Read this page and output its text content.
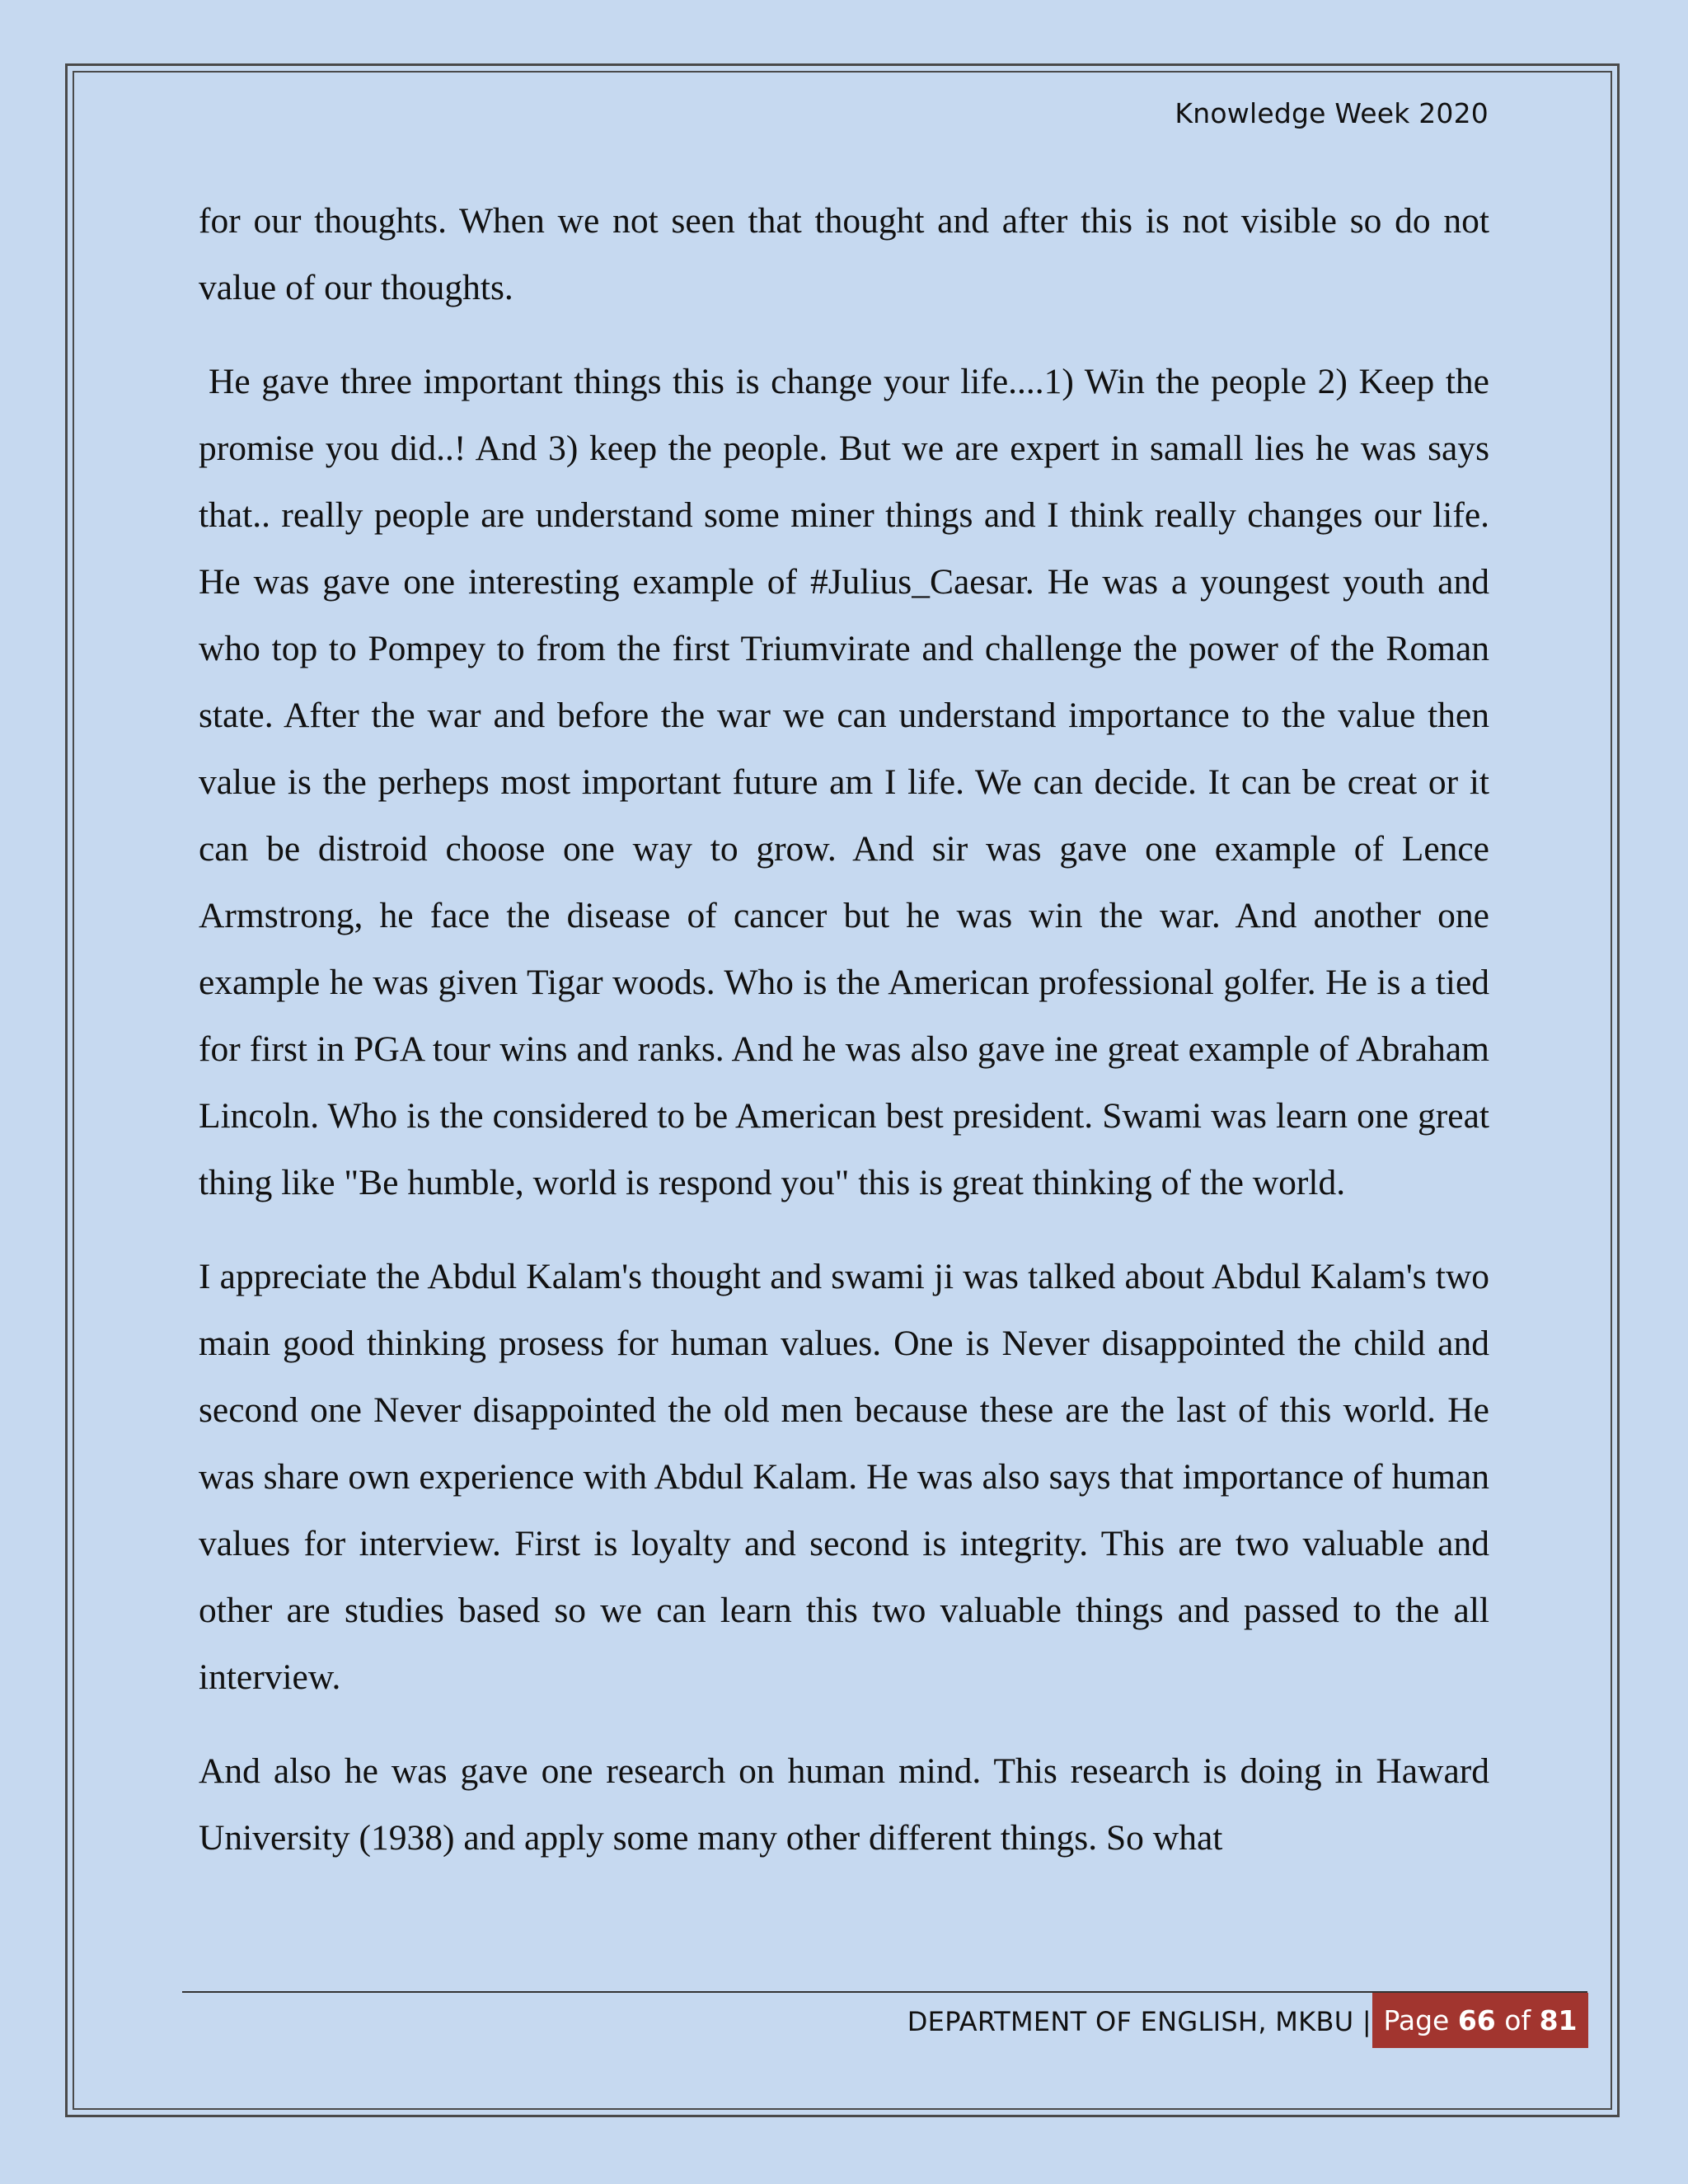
Knowledge Week 2020

for our thoughts. When we not seen that thought and after this is not visible so do not value of our thoughts.

He gave three important things this is change your life....1) Win the people 2) Keep the promise you did..! And 3) keep the people. But we are expert in samall lies he was says that.. really people are understand some miner things and I think really changes our life. He was gave one interesting example of #Julius_Caesar. He was a youngest youth and who top to Pompey to from the first Triumvirate and challenge the power of the Roman state. After the war and before the war we can understand importance to the value then value is the perheps most important future am I life. We can decide. It can be creat or it can be distroid choose one way to grow. And sir was gave one example of Lence Armstrong, he face the disease of cancer but he was win the war. And another one example he was given Tigar woods. Who is the American professional golfer. He is a tied for first in PGA tour wins and ranks. And he was also gave ine great example of Abraham Lincoln. Who is the considered to be American best president. Swami was learn one great thing like "Be humble, world is respond you" this is great thinking of the world.

I appreciate the Abdul Kalam's thought and swami ji was talked about Abdul Kalam's two main good thinking prosess for human values. One is Never disappointed the child and second one Never disappointed the old men because these are the last of this world. He was share own experience with Abdul Kalam. He was also says that importance of human values for interview. First is loyalty and second is integrity. This are two valuable and other are studies based so we can learn this two valuable things and passed to the all interview.

And also he was gave one research on human mind. This research is doing in Haward University (1938) and apply some many other different things. So what

DEPARTMENT OF ENGLISH, MKBU | Page 66 of 81
